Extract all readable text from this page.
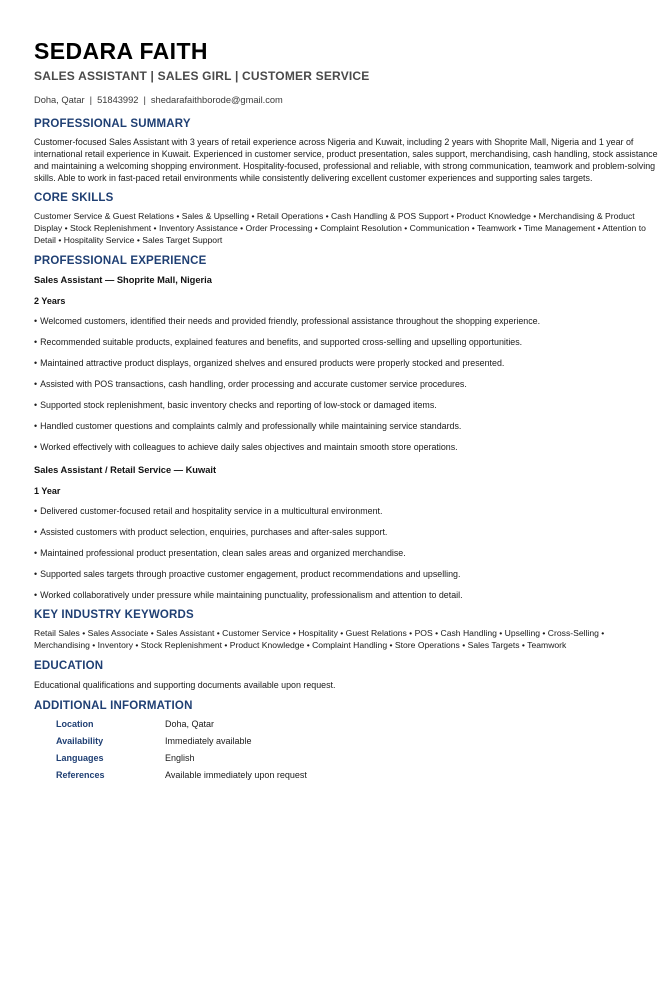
SEDARA FAITH
SALES ASSISTANT | SALES GIRL | CUSTOMER SERVICE
Doha, Qatar | 51843992 | shedarafaithborode@gmail.com
PROFESSIONAL SUMMARY

Customer-focused Sales Assistant with 3 years of retail experience across Nigeria and Kuwait, including 2 years with Shoprite Mall, Nigeria and 1 year of international retail experience in Kuwait. Experienced in customer service, product presentation, sales support, merchandising, cash handling, stock assistance and maintaining a welcoming shopping environment. Hospitality-focused, professional and reliable, with strong communication, teamwork and problem-solving skills. Able to work in fast-paced retail environments while consistently delivering excellent customer experiences and supporting sales targets.

CORE SKILLS

Customer Service & Guest Relations • Sales & Upselling • Retail Operations • Cash Handling & POS Support • Product Knowledge • Merchandising & Product Display • Stock Replenishment • Inventory Assistance • Order Processing • Complaint Resolution • Communication • Teamwork • Time Management • Attention to Detail • Hospitality Service • Sales Target Support

PROFESSIONAL EXPERIENCE
Sales Assistant — Shoprite Mall, Nigeria
2 Years
• Welcomed customers, identified their needs and provided friendly, professional assistance throughout the shopping experience.
• Recommended suitable products, explained features and benefits, and supported cross-selling and upselling opportunities.
• Maintained attractive product displays, organized shelves and ensured products were properly stocked and presented.
• Assisted with POS transactions, cash handling, order processing and accurate customer service procedures.
• Supported stock replenishment, basic inventory checks and reporting of low-stock or damaged items.
• Handled customer questions and complaints calmly and professionally while maintaining service standards.
• Worked effectively with colleagues to achieve daily sales objectives and maintain smooth store operations.
Sales Assistant / Retail Service — Kuwait
1 Year
• Delivered customer-focused retail and hospitality service in a multicultural environment.
• Assisted customers with product selection, enquiries, purchases and after-sales support.
• Maintained professional product presentation, clean sales areas and organized merchandise.
• Supported sales targets through proactive customer engagement, product recommendations and upselling.
• Worked collaboratively under pressure while maintaining punctuality, professionalism and attention to detail.
KEY INDUSTRY KEYWORDS

Retail Sales • Sales Associate • Sales Assistant • Customer Service • Hospitality • Guest Relations • POS • Cash Handling • Upselling • Cross-Selling • Merchandising • Inventory • Stock Replenishment • Product Knowledge • Complaint Handling • Store Operations • Sales Targets • Teamwork

EDUCATION

Educational qualifications and supporting documents available upon request.

ADDITIONAL INFORMATION
Location	Doha, Qatar
Availability	Immediately available
Languages	English
References	Available immediately upon request
